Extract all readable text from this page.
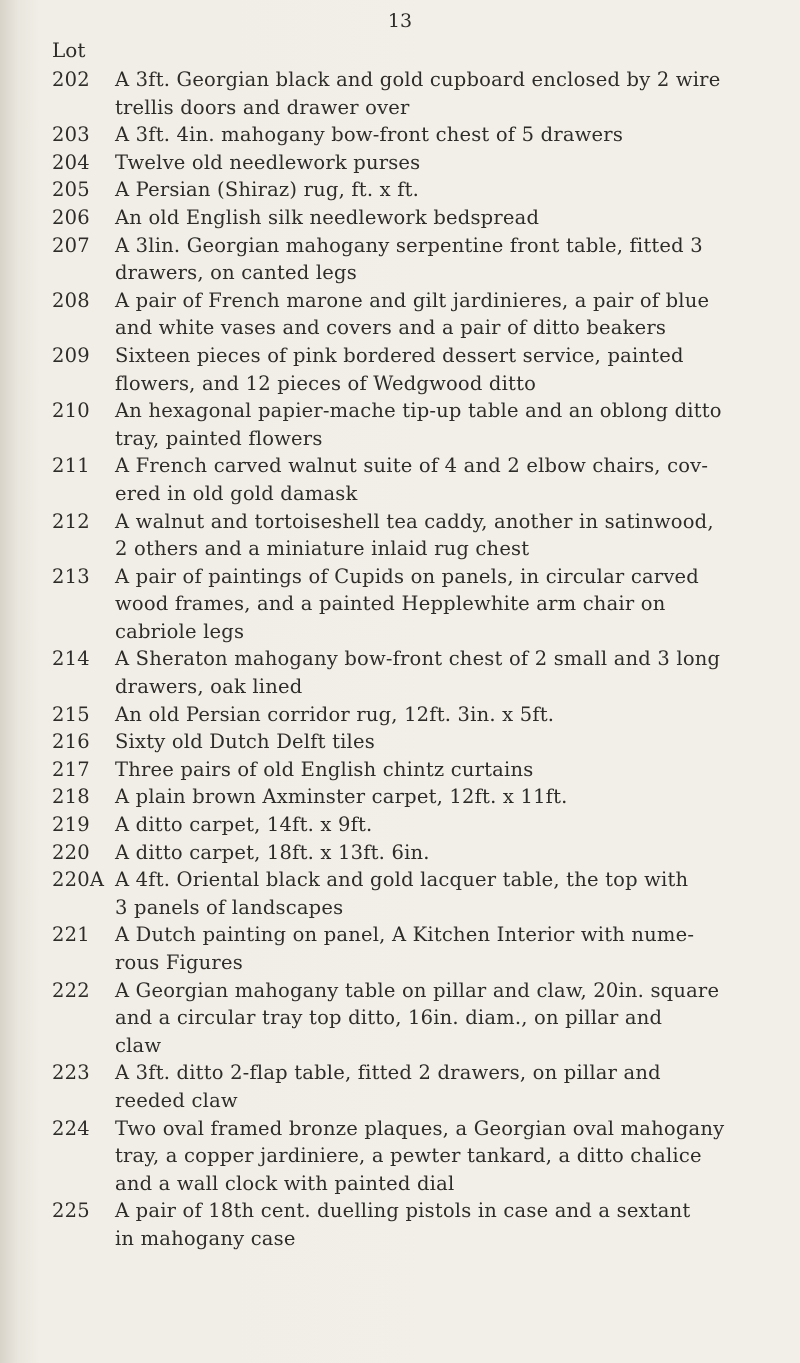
13
Lot
202	A 3ft. Georgian black and gold cupboard enclosed by 2 wire
trellis doors and drawer over
203	A 3ft. 4in. mahogany bow-front chest of 5 drawers
204	Twelve old needlework purses
205	A Persian (Shiraz) rug, ft. x ft.
206	An old English silk needlework bedspread
207	A 3lin. Georgian mahogany serpentine front table, fitted 3
drawers, on canted legs
208	A pair of French marone and gilt jardinieres, a pair of blue
and white vases and covers and a pair of ditto beakers
209	Sixteen pieces of pink bordered dessert service, painted
flowers, and 12 pieces of Wedgwood ditto
210	An hexagonal papier-mache tip-up table and an oblong ditto
tray, painted flowers
211	A French carved walnut suite of 4 and 2 elbow chairs, cov-
ered in old gold damask
212	A walnut and tortoiseshell tea caddy, another in satinwood,
2 others and a miniature inlaid rug chest
213	A pair of paintings of Cupids on panels, in circular carved
wood frames, and a painted Hepplewhite arm chair on
cabriole legs
214	A Sheraton mahogany bow-front chest of 2 small and 3 long
drawers, oak lined
215	An old Persian corridor rug, 12ft. 3in. x 5ft.
216	Sixty old Dutch Delft tiles
217	Three pairs of old English chintz curtains
218	A plain brown Axminster carpet, 12ft. x 11ft.
219	A ditto carpet, 14ft. x 9ft.
220	A ditto carpet, 18ft. x 13ft. 6in.
220A A 4ft. Oriental black and gold lacquer table, the top with
3 panels of landscapes
221	A Dutch painting on panel, A Kitchen Interior with nume-
rous Figures
222	A Georgian mahogany table on pillar and claw, 20in. square
and a circular tray top ditto, 16in. diam., on pillar and
claw
223	A 3ft. ditto 2-flap table, fitted 2 drawers, on pillar and
reeded claw
224	Two oval framed bronze plaques, a Georgian oval mahogany
tray, a copper jardiniere, a pewter tankard, a ditto chalice
and a wall clock with painted dial
225	A pair of 18th cent. duelling pistols in case and a sextant
in mahogany case
